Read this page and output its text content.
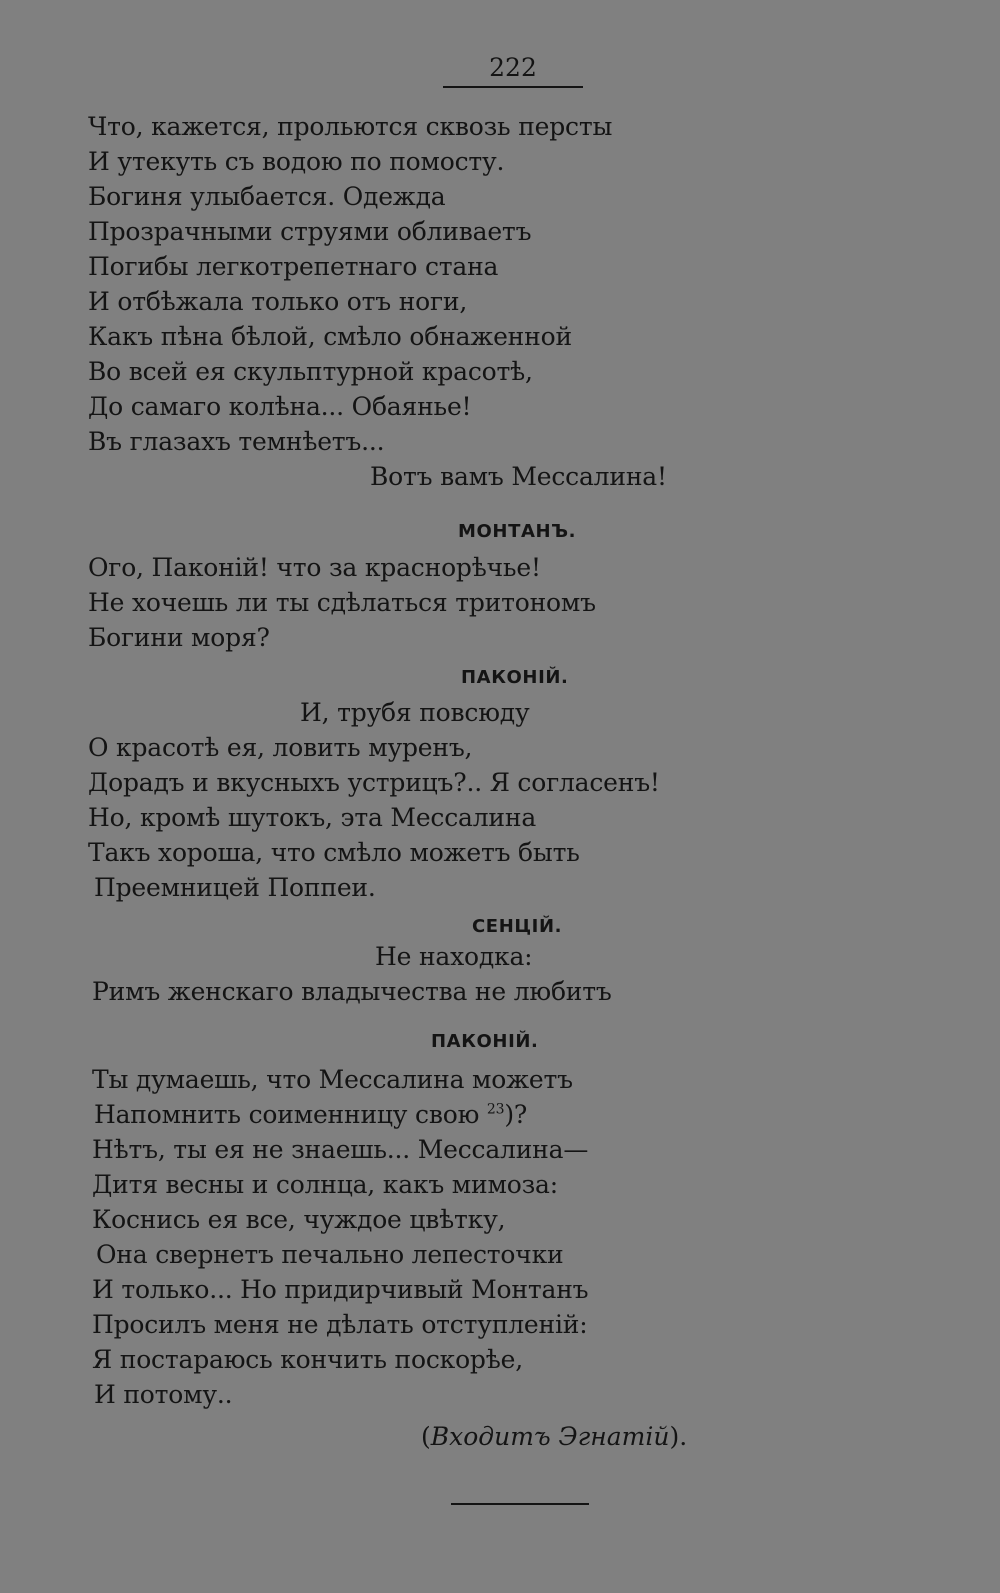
222
Что, кажется, прольются сквозь персты
И утекуть съ водою по помосту.
Богиня улыбается. Одежда
Прозрачными струями обливаетъ
Погибы легкотрепетнаго стана
И отбѣжала только отъ ноги,
Какъ пѣна бѣлой, смѣло обнаженной
Во всей ея скульптурной красотѣ,
До самаго колѣна... Обаянье!
Въ глазахъ темнѣетъ...
Вотъ вамъ Мессалина!
МОНТАНЪ.
Ого, Паконій! что за краснорѣчье!
Не хочешь ли ты сдѣлаться тритономъ
Богини моря?
ПАКОНІЙ.
И, трубя повсюду
О красотѣ ея, ловить муренъ,
Дорадъ и вкусныхъ устрицъ?.. Я согласенъ!
Но, кромѣ шутокъ, эта Мессалина
Такъ хороша, что смѣло можетъ быть
Преемницей Поппеи.
СЕНЦІЙ.
Не находка:
Римъ женскаго владычества не любитъ
ПАКОНІЙ.
Ты думаешь, что Мессалина можетъ
Напомнить соименницу свою $^{23}$)?
Нѣтъ, ты ея не знаешь... Мессалина—
Дитя весны и солнца, какъ мимоза:
Коснись ея все, чуждое цвѣтку,
Она свернетъ печально лепесточки
И только... Но придирчивый Монтанъ
Просилъ меня не дѣлать отступленій:
Я постараюсь кончить поскорѣе,
И потому..
(Входитъ Эгнатій).
